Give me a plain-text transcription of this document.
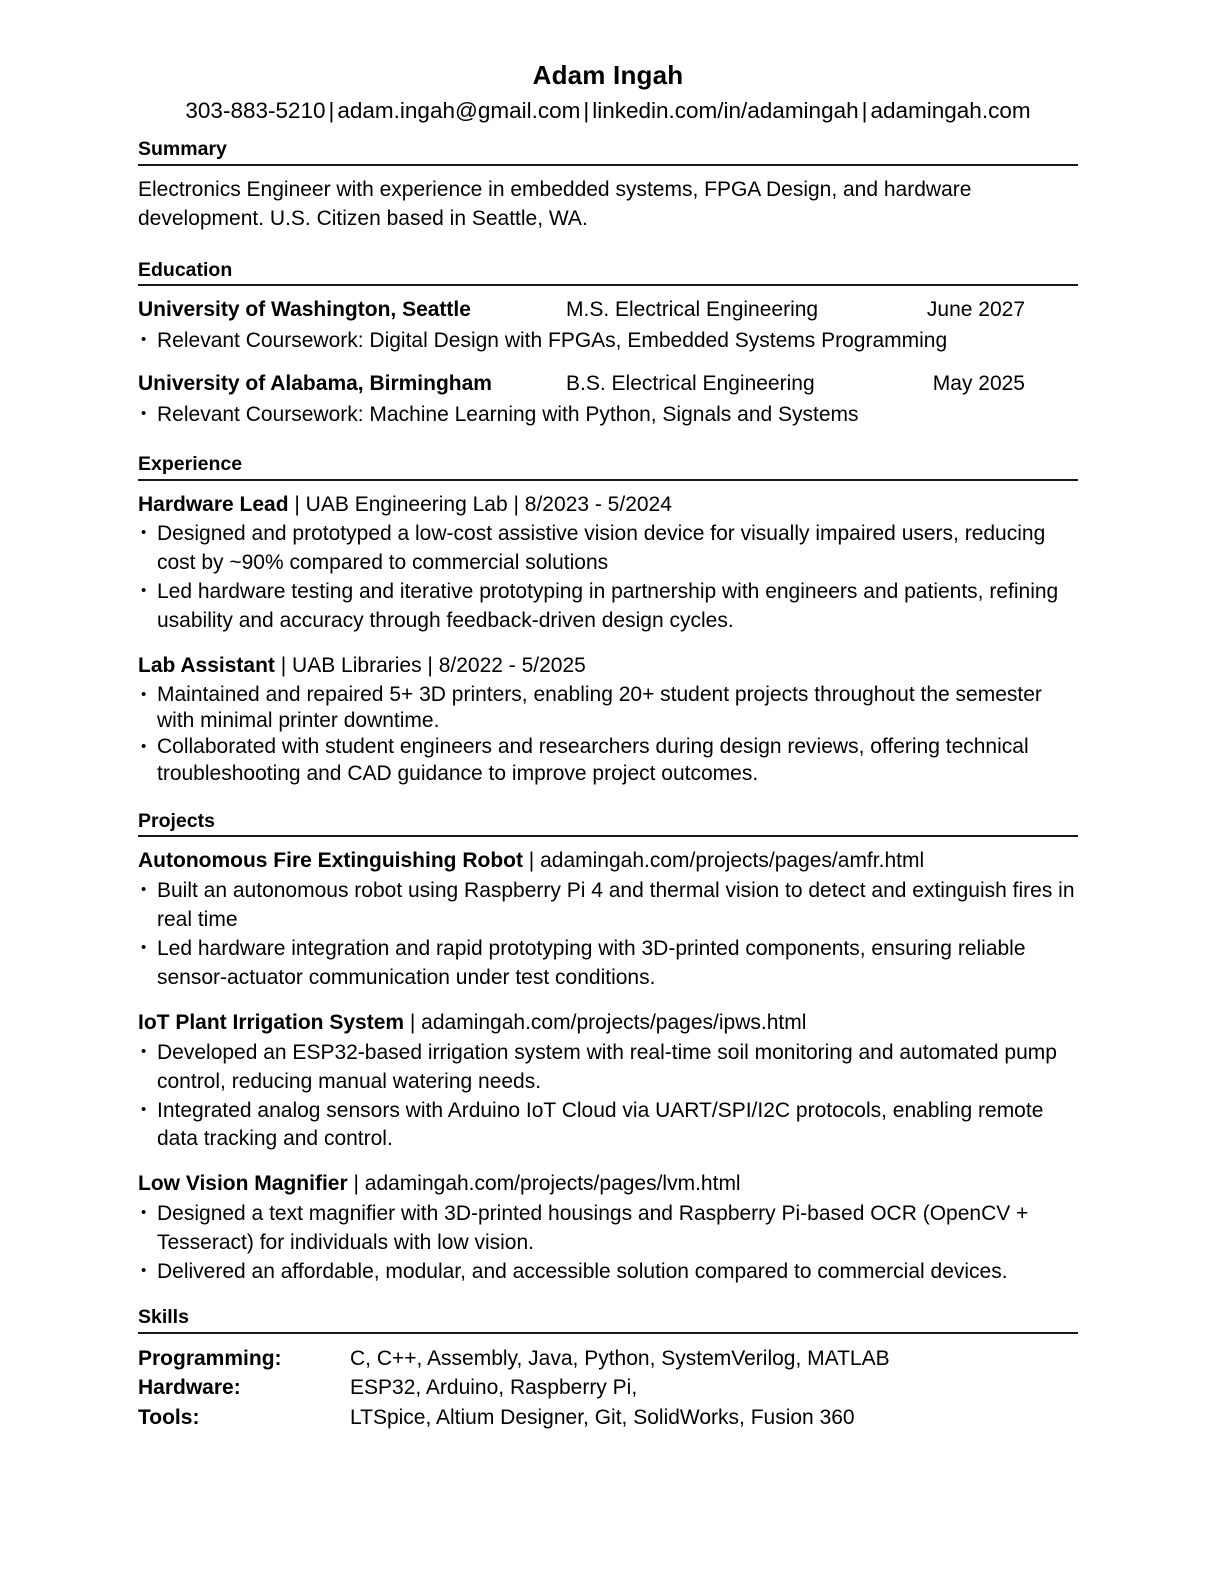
Adam Ingah
303-883-5210 | adam.ingah@gmail.com | linkedin.com/in/adamingah | adamingah.com
Summary

Electronics Engineer with experience in embedded systems, FPGA Design, and hardware development. U.S. Citizen based in Seattle, WA.

Education
University of Washington, Seattle	M.S. Electrical Engineering	June 2027
• Relevant Coursework: Digital Design with FPGAs, Embedded Systems Programming
University of Alabama, Birmingham	B.S. Electrical Engineering	May 2025
• Relevant Coursework: Machine Learning with Python, Signals and Systems
Experience
Hardware Lead | UAB Engineering Lab | 8/2023 - 5/2024
• Designed and prototyped a low-cost assistive vision device for visually impaired users, reducing cost by ~90% compared to commercial solutions
• Led hardware testing and iterative prototyping in partnership with engineers and patients, refining usability and accuracy through feedback-driven design cycles.
Lab Assistant | UAB Libraries | 8/2022 - 5/2025
• Maintained and repaired 5+ 3D printers, enabling 20+ student projects throughout the semester with minimal printer downtime.
• Collaborated with student engineers and researchers during design reviews, offering technical troubleshooting and CAD guidance to improve project outcomes.
Projects
Autonomous Fire Extinguishing Robot | adamingah.com/projects/pages/amfr.html
• Built an autonomous robot using Raspberry Pi 4 and thermal vision to detect and extinguish fires in real time
• Led hardware integration and rapid prototyping with 3D-printed components, ensuring reliable sensor-actuator communication under test conditions.
IoT Plant Irrigation System | adamingah.com/projects/pages/ipws.html
• Developed an ESP32-based irrigation system with real-time soil monitoring and automated pump control, reducing manual watering needs.
• Integrated analog sensors with Arduino IoT Cloud via UART/SPI/I2C protocols, enabling remote data tracking and control.
Low Vision Magnifier | adamingah.com/projects/pages/lvm.html
• Designed a text magnifier with 3D-printed housings and Raspberry Pi-based OCR (OpenCV + Tesseract) for individuals with low vision.
• Delivered an affordable, modular, and accessible solution compared to commercial devices.
Skills
Programming:	C, C++, Assembly, Java, Python, SystemVerilog, MATLAB
Hardware:	ESP32, Arduino, Raspberry Pi,
Tools:	LTSpice, Altium Designer, Git, SolidWorks, Fusion 360
